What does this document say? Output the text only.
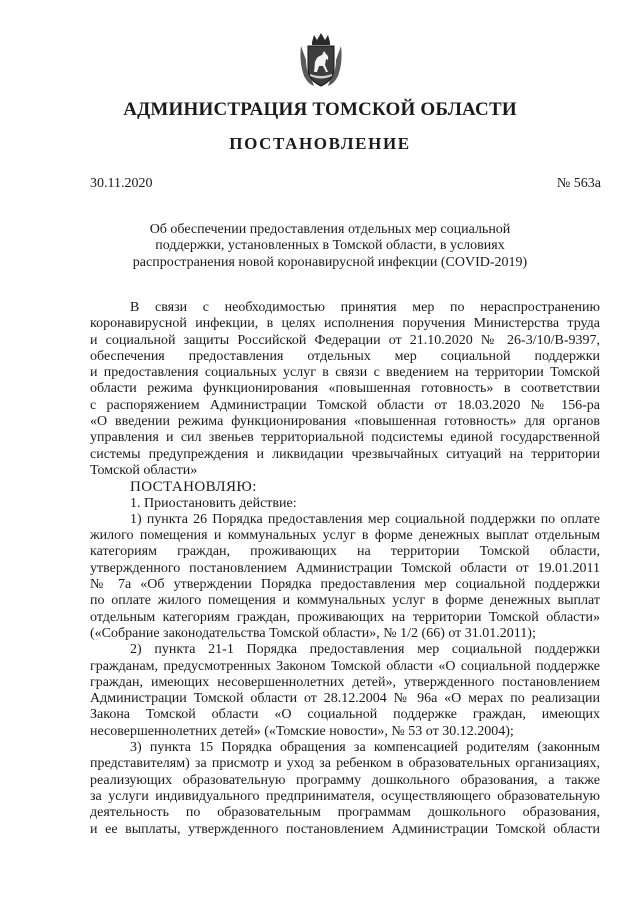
АДМИНИСТРАЦИЯ ТОМСКОЙ ОБЛАСТИ
ПОСТАНОВЛЕНИЕ
30.11.2020	№ 563а
Об обеспечении предоставления отдельных мер социальной
поддержки, установленных в Томской области, в условиях
распространения новой коронавирусной инфекции (COVID-2019)
В связи с необходимостью принятия мер по нераспространению
коронавирусной инфекции, в целях исполнения поручения Министерства труда
и социальной защиты Российской Федерации от 21.10.2020 № 26-3/10/В-9397,
обеспечения предоставления отдельных мер социальной поддержки
и предоставления социальных услуг в связи с введением на территории Томской
области режима функционирования «повышенная готовность» в соответствии
с распоряжением Администрации Томской области от 18.03.2020 № 156-ра
«О введении режима функционирования «повышенная готовность» для органов
управления и сил звеньев территориальной подсистемы единой государственной
системы предупреждения и ликвидации чрезвычайных ситуаций на территории
Томской области»
ПОСТАНОВЛЯЮ:
1. Приостановить действие:
1) пункта 26 Порядка предоставления мер социальной поддержки по оплате
жилого помещения и коммунальных услуг в форме денежных выплат отдельным
категориям граждан, проживающих на территории Томской области,
утвержденного постановлением Администрации Томской области от 19.01.2011
№ 7а «Об утверждении Порядка предоставления мер социальной поддержки
по оплате жилого помещения и коммунальных услуг в форме денежных выплат
отдельным категориям граждан, проживающих на территории Томской области»
(«Собрание законодательства Томской области», № 1/2 (66) от 31.01.2011);
2) пункта 21-1 Порядка предоставления мер социальной поддержки
гражданам, предусмотренных Законом Томской области «О социальной поддержке
граждан, имеющих несовершеннолетних детей», утвержденного постановлением
Администрации Томской области от 28.12.2004 № 96а «О мерах по реализации
Закона Томской области «О социальной поддержке граждан, имеющих
несовершеннолетних детей» («Томские новости», № 53 от 30.12.2004);
3) пункта 15 Порядка обращения за компенсацией родителям (законным
представителям) за присмотр и уход за ребенком в образовательных организациях,
реализующих образовательную программу дошкольного образования, а также
за услуги индивидуального предпринимателя, осуществляющего образовательную
деятельность по образовательным программам дошкольного образования,
и ее выплаты, утвержденного постановлением Администрации Томской области
